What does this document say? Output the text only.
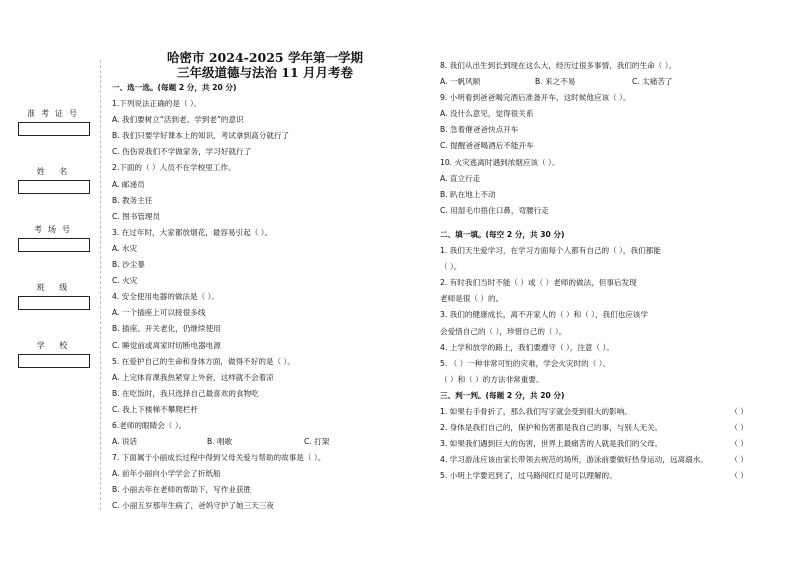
准考证号
姓 名
考场号
班 级
学 校
哈密市 2024-2025 学年第一学期
三年级道德与法治 11 月月考卷
一、选一选。(每题 2 分，共 20 分)
1.下列说法正确的是（ ）。
A. 我们要树立“活到老、学到老”的意识
B. 我们只要学好课本上的知识，考试拿到高分就行了
C. 伤伤说我们不学做家务，学习好就行了
2.下面的（ ）人员不在学校里工作。
A. 邮递员
B. 教务主任
C. 图书管理员
3. 在过年时，大家都放烟花，最容易引起（ ）。
A. 水灾
B. 沙尘暴
C. 火灾
4. 安全使用电器的做法是（ ）。
A. 一个插座上可以接很多线
B. 插座、开关老化，仍继续使用
C. 睡觉前或离家时切断电器电源
5. 在爱护自己的生命和身体方面，做得不好的是（ ）。
A. 上完体育课我热紧穿上外套，这样就不会着凉
B. 在吃饭时，我只选择自己最喜欢的食物吃
C. 我上下楼梯不攀爬栏杆
6.老师的眼睛会（ ）。
A. 说话	B. 唱歌	C. 打架
7. 下面属于小丽成长过程中得到父母关爱与帮助的故事是（ ）。
A. 前年小丽向小学学会了折纸船
B. 小丽去年在老师的帮助下，写作业获胜
C. 小丽五岁那年生病了，爸妈守护了她三天三夜
8. 我们从出生到长到现在这么大，经历过很多事情，我们的生命（ ）。
A. 一帆风顺	B. 来之不易	C. 太痛苦了
9. 小明看到爸爸喝完酒后准备开车，这时候他应该（ ）。
A. 没什么意见，觉得很关系
B. 急着催爸爸快点开车
C. 提醒爸爸喝酒后不能开车
10. 火灾逃离时遇到浓烟应该（ ）。
A. 直立行走
B. 趴在地上不动
C. 用湿毛巾捂住口鼻，弯腰行走
二、填一填。(每空 2 分，共 30 分)
1. 我们天生爱学习，在学习方面每个人都有自己的（ ），我们都能
（ ）。
2. 有时我们当时不能（ ）或（ ）老师的做法，但事后发现
老师是很（ ）的。
3. 我们的健康成长，离不开家人的（ ）和（ ），我们也应该学
会爱惜自己的（ ），珍惜自己的（ ）。
4. 上学和放学的路上，我们要遵守（ ），注意（ ）。
5. （ ）一种非常可怕的灾难，学会火灾时的（ ）、
（ ）和（ ）的方法非常重要。
三、判一判。(每题 2 分，共 20 分)
1. 如果右手骨折了，那么我们写字就会受到很大的影响。	（ ）
2. 身体是我们自己的，保护和伤害都是我自己的事，与别人无关。	（ ）
3. 如果我们遇到巨大的伤害，世界上最痛苦的人就是我们的父母。	（ ）
4. 学习游泳应该由家长带领去规范的场所，游泳前要做好热身运动，远离溺水。	（ ）
5. 小明上学要迟到了，过马路闯红灯是可以理解的。	（ ）
